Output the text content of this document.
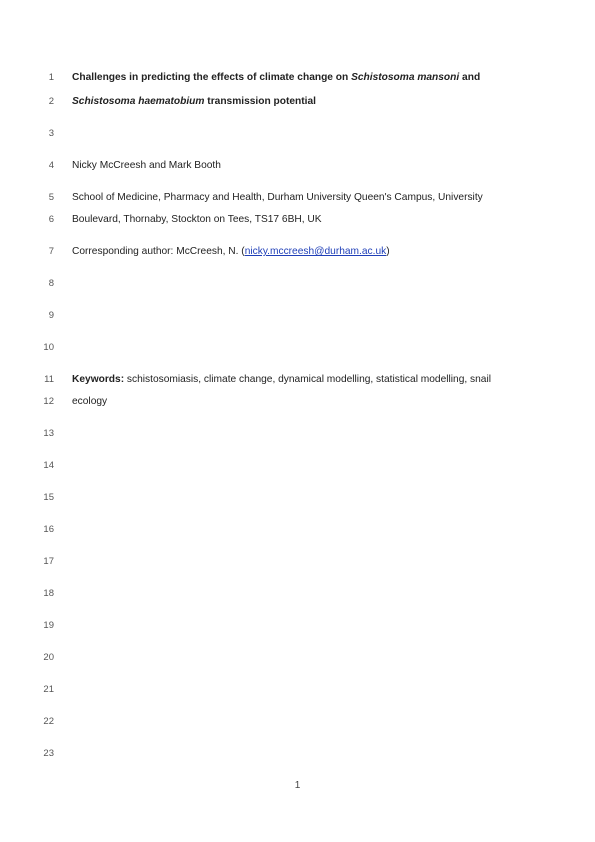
1 Challenges in predicting the effects of climate change on Schistosoma mansoni and
2 Schistosoma haematobium transmission potential
3
4 Nicky McCreesh and Mark Booth
5 School of Medicine, Pharmacy and Health, Durham University Queen's Campus, University
6 Boulevard, Thornaby, Stockton on Tees, TS17 6BH, UK
7 Corresponding author: McCreesh, N. (nicky.mccreesh@durham.ac.uk)
8
9
10
11 Keywords: schistosomiasis, climate change, dynamical modelling, statistical modelling, snail
12 ecology
13
14
15
16
17
18
19
20
21
22
23
1
